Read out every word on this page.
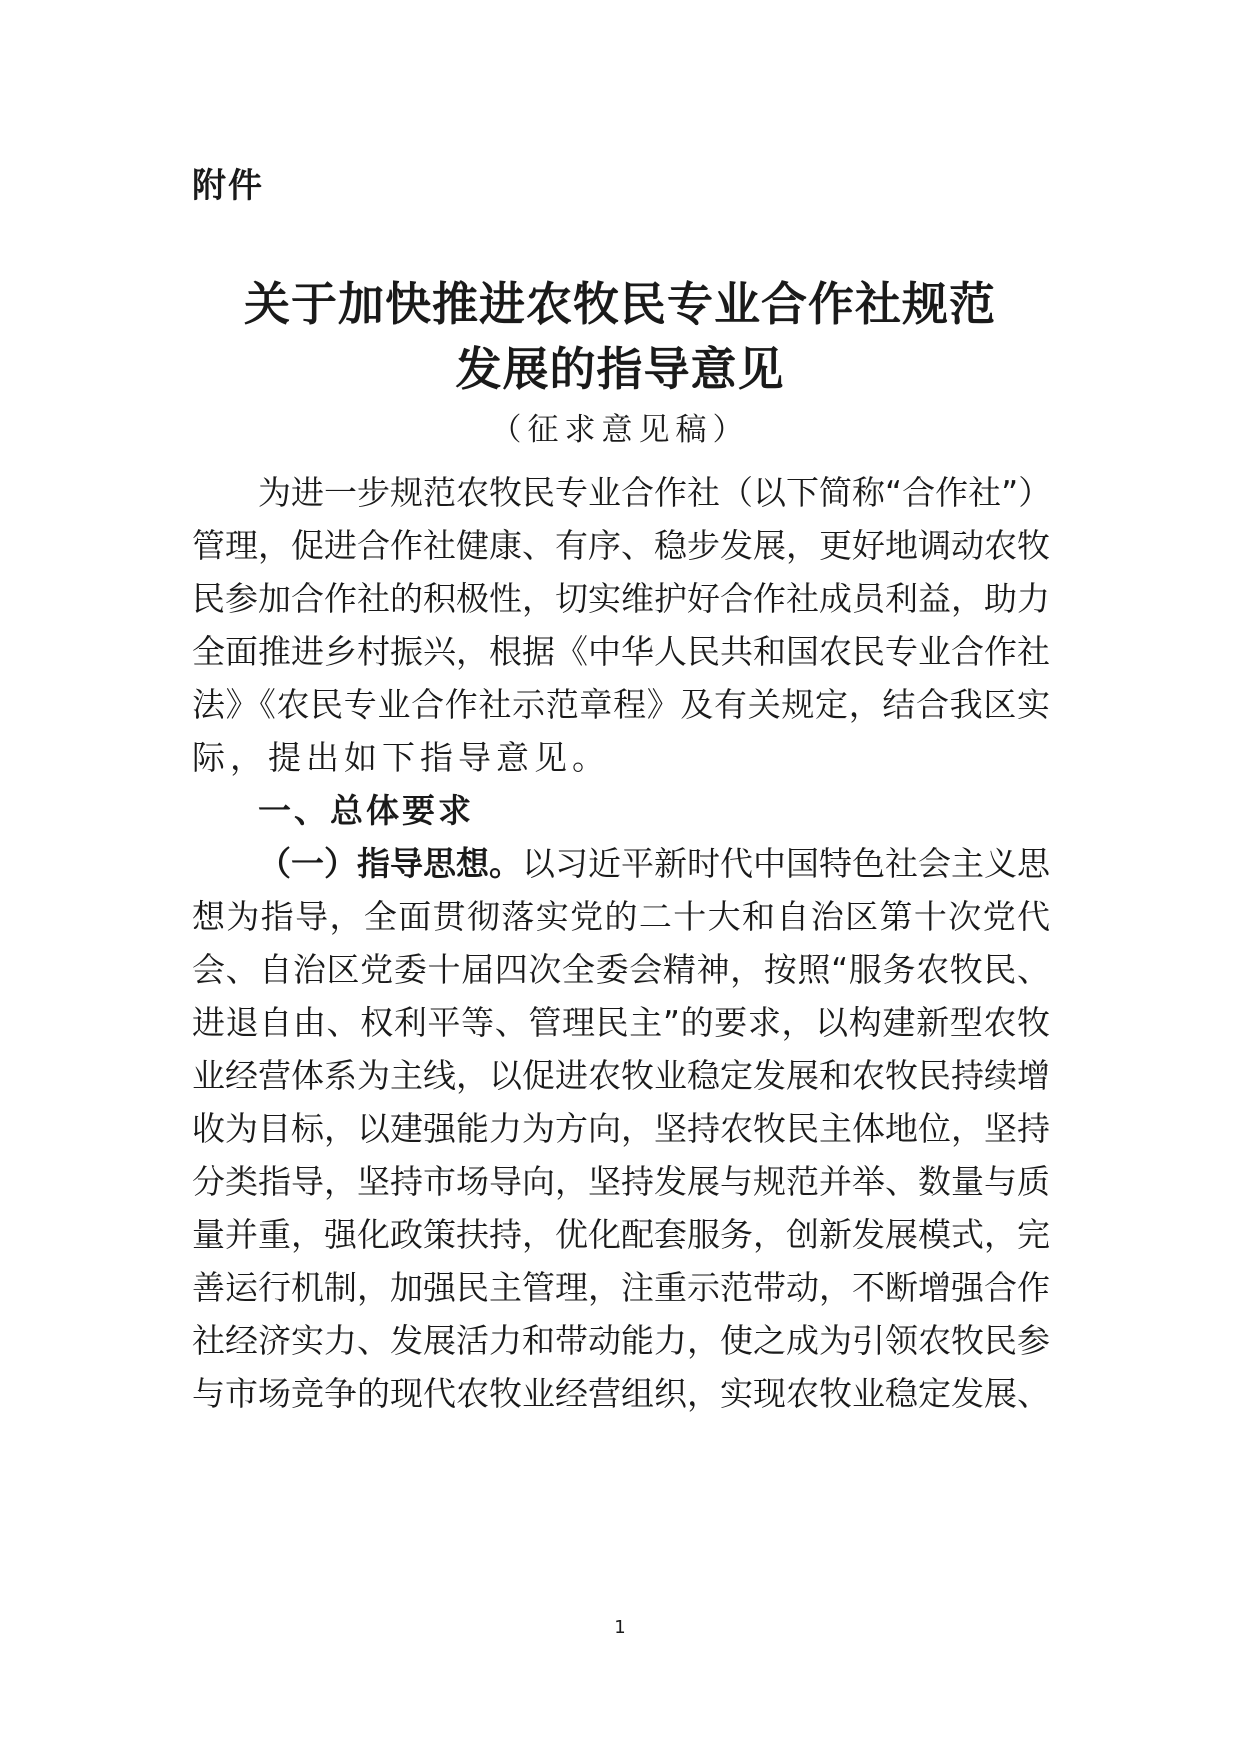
附件
关于加快推进农牧民专业合作社规范
发展的指导意见
（征求意见稿）
为进一步规范农牧民专业合作社（以下简称“合作社”）
管理，促进合作社健康、有序、稳步发展，更好地调动农牧
民参加合作社的积极性，切实维护好合作社成员利益，助力
全面推进乡村振兴，根据《中华人民共和国农民专业合作社
法》《农民专业合作社示范章程》及有关规定，结合我区实
际，提出如下指导意见。
一、总体要求
（一）指导思想。以习近平新时代中国特色社会主义思
想为指导，全面贯彻落实党的二十大和自治区第十次党代
会、自治区党委十届四次全委会精神，按照“服务农牧民、
进退自由、权利平等、管理民主”的要求，以构建新型农牧
业经营体系为主线，以促进农牧业稳定发展和农牧民持续增
收为目标，以建强能力为方向，坚持农牧民主体地位，坚持
分类指导，坚持市场导向，坚持发展与规范并举、数量与质
量并重，强化政策扶持，优化配套服务，创新发展模式，完
善运行机制，加强民主管理，注重示范带动，不断增强合作
社经济实力、发展活力和带动能力，使之成为引领农牧民参
与市场竞争的现代农牧业经营组织，实现农牧业稳定发展、
1
